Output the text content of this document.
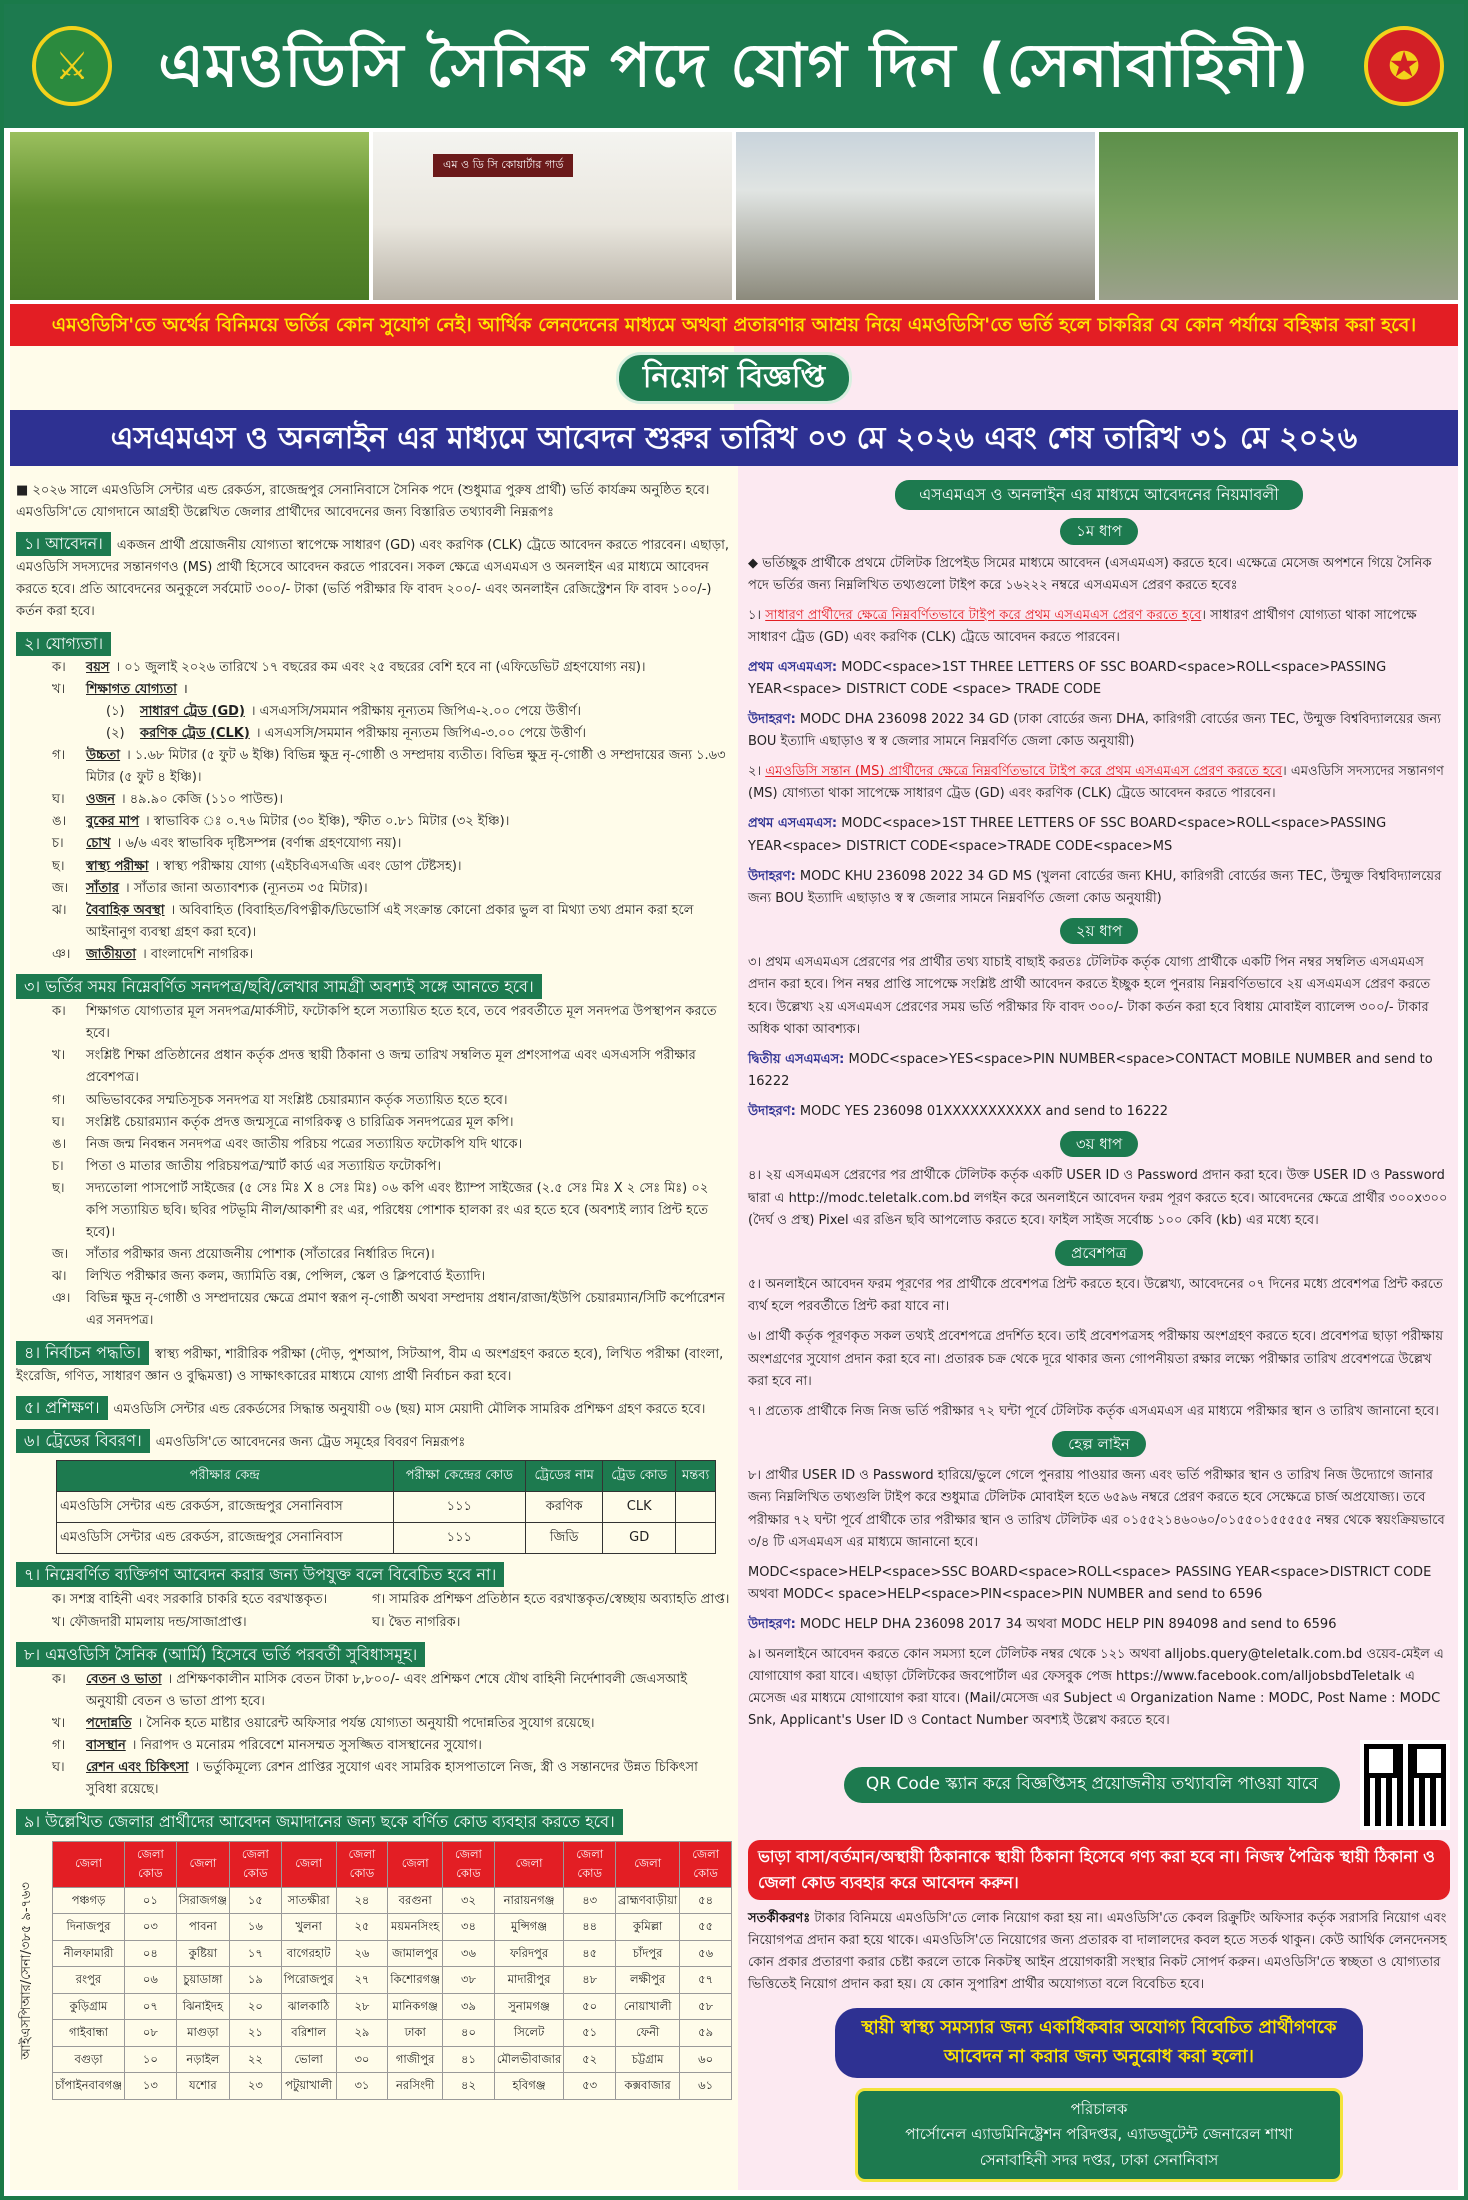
⚔	এমওডিসি সৈনিক পদে যোগ দিন (সেনাবাহিনী)	✪
এম ও ডি সি কোয়ার্টার গার্ড
এমওডিসি'তে অর্থের বিনিময়ে ভর্তির কোন সুযোগ নেই। আর্থিক লেনদেনের মাধ্যমে অথবা প্রতারণার আশ্রয় নিয়ে এমওডিসি'তে ভর্তি হলে চাকরির যে কোন পর্যায়ে বহিষ্কার করা হবে।
নিয়োগ বিজ্ঞপ্তি
এসএমএস ও অনলাইন এর মাধ্যমে আবেদন শুরুর তারিখ ০৩ মে ২০২৬ এবং শেষ তারিখ ৩১ মে ২০২৬
■ ২০২৬ সালে এমওডিসি সেন্টার এন্ড রেকর্ডস, রাজেন্দ্রপুর সেনানিবাসে সৈনিক পদে (শুধুমাত্র পুরুষ প্রার্থী) ভর্তি কার্যক্রম অনুষ্ঠিত হবে। এমওডিসি'তে যোগদানে আগ্রহী উল্লেখিত জেলার প্রার্থীদের আবেদনের জন্য বিস্তারিত তথ্যাবলী নিম্নরূপঃ
১। আবেদন। একজন প্রার্থী প্রয়োজনীয় যোগ্যতা স্বাপেক্ষে সাধারণ (GD) এবং করণিক (CLK) ট্রেডে আবেদন করতে পারবেন। এছাড়া, এমওডিসি সদস্যদের সন্তানগণও (MS) প্রার্থী হিসেবে আবেদন করতে পারবেন। সকল ক্ষেত্রে এসএমএস ও অনলাইন এর মাধ্যমে আবেদন করতে হবে। প্রতি আবেদনের অনুকূলে সর্বমোট ৩০০/- টাকা (ভর্তি পরীক্ষার ফি বাবদ ২০০/- এবং অনলাইন রেজিস্ট্রেশন ফি বাবদ ১০০/-) কর্তন করা হবে।
২। যোগ্যতা।
ক।	বয়স । ০১ জুলাই ২০২৬ তারিখে ১৭ বছরের কম এবং ২৫ বছরের বেশি হবে না (এফিডেভিট গ্রহণযোগ্য নয়)।
খ।	শিক্ষাগত যোগ্যতা ।
(১)	সাধারণ ট্রেড (GD) । এসএসসি/সমমান পরীক্ষায় নূন্যতম জিপিএ-২.০০ পেয়ে উত্তীর্ণ।
(২)	করণিক ট্রেড (CLK) । এসএসসি/সমমান পরীক্ষায় নূন্যতম জিপিএ-৩.০০ পেয়ে উত্তীর্ণ।
গ।	উচ্চতা । ১.৬৮ মিটার (৫ ফুট ৬ ইঞ্চি) বিভিন্ন ক্ষুদ্র নৃ-গোষ্ঠী ও সম্প্রদায় ব্যতীত। বিভিন্ন ক্ষুদ্র নৃ-গোষ্ঠী ও সম্প্রদায়ের জন্য ১.৬৩ মিটার (৫ ফুট ৪ ইঞ্চি)।
ঘ।	ওজন । ৪৯.৯০ কেজি (১১০ পাউন্ড)।
ঙ।	বুকের মাপ । স্বাভাবিক ঃ ০.৭৬ মিটার (৩০ ইঞ্চি), স্ফীত ০.৮১ মিটার (৩২ ইঞ্চি)।
চ।	চোখ । ৬/৬ এবং স্বাভাবিক দৃষ্টিসম্পন্ন (বর্ণান্ধ গ্রহণযোগ্য নয়)।
ছ।	স্বাস্থ্য পরীক্ষা । স্বাস্থ্য পরীক্ষায় যোগ্য (এইচবিএসএজি এবং ডোপ টেষ্টসহ)।
জ।	সাঁতার । সাঁতার জানা অত্যাবশ্যক (ন্যূনতম ৩৫ মিটার)।
ঝ।	বৈবাহিক অবস্থা । অবিবাহিত (বিবাহিত/বিপত্নীক/ডিভোর্সি এই সংক্রান্ত কোনো প্রকার ভুল বা মিথ্যা তথ্য প্রমান করা হলে আইনানুগ ব্যবস্থা গ্রহণ করা হবে)।
ঞ।	জাতীয়তা । বাংলাদেশি নাগরিক।
৩। ভর্তির সময় নিম্নেবর্ণিত সনদপত্র/ছবি/লেখার সামগ্রী অবশ্যই সঙ্গে আনতে হবে।
ক।	শিক্ষাগত যোগ্যতার মূল সনদপত্র/মার্কসীট, ফটোকপি হলে সত্যায়িত হতে হবে, তবে পরবর্তীতে মূল সনদপত্র উপস্থাপন করতে হবে।
খ।	সংশ্লিষ্ট শিক্ষা প্রতিষ্ঠানের প্রধান কর্তৃক প্রদত্ত স্থায়ী ঠিকানা ও জন্ম তারিখ সম্বলিত মূল প্রশংসাপত্র এবং এসএসসি পরীক্ষার প্রবেশপত্র।
গ।	অভিভাবকের সম্মতিসূচক সনদপত্র যা সংশ্লিষ্ট চেয়ারম্যান কর্তৃক সত্যায়িত হতে হবে।
ঘ।	সংশ্লিষ্ট চেয়ারম্যান কর্তৃক প্রদত্ত জন্মসূত্রে নাগরিকত্ব ও চারিত্রিক সনদপত্রের মূল কপি।
ঙ।	নিজ জন্ম নিবন্ধন সনদপত্র এবং জাতীয় পরিচয় পত্রের সত্যায়িত ফটোকপি যদি থাকে।
চ।	পিতা ও মাতার জাতীয় পরিচয়পত্র/স্মার্ট কার্ড এর সত্যায়িত ফটোকপি।
ছ।	সদ্যতোলা পাসপোর্ট সাইজের (৫ সেঃ মিঃ X ৪ সেঃ মিঃ) ০৬ কপি এবং ষ্ট্যাম্প সাইজের (২.৫ সেঃ মিঃ X ২ সেঃ মিঃ) ০২ কপি সত্যায়িত ছবি। ছবির পটভূমি নীল/আকাশী রং এর, পরিধেয় পোশাক হালকা রং এর হতে হবে (অবশ্যই ল্যাব প্রিন্ট হতে হবে)।
জ।	সাঁতার পরীক্ষার জন্য প্রয়োজনীয় পোশাক (সাঁতারের নির্ধারিত দিনে)।
ঝ।	লিখিত পরীক্ষার জন্য কলম, জ্যামিতি বক্স, পেন্সিল, স্কেল ও ক্লিপবোর্ড ইত্যাদি।
ঞ।	বিভিন্ন ক্ষুদ্র নৃ-গোষ্ঠী ও সম্প্রদায়ের ক্ষেত্রে প্রমাণ স্বরূপ নৃ-গোষ্ঠী অথবা সম্প্রদায় প্রধান/রাজা/ইউপি চেয়ারম্যান/সিটি কর্পোরেশন এর সনদপত্র।
৪। নির্বাচন পদ্ধতি। স্বাস্থ্য পরীক্ষা, শারীরিক পরীক্ষা (দৌড়, পুশআপ, সিটআপ, বীম এ অংশগ্রহণ করতে হবে), লিখিত পরীক্ষা (বাংলা, ইংরেজি, গণিত, সাধারণ জ্ঞান ও বুদ্ধিমত্তা) ও সাক্ষাৎকারের মাধ্যমে যোগ্য প্রার্থী নির্বাচন করা হবে।
৫। প্রশিক্ষণ। এমওডিসি সেন্টার এন্ড রেকর্ডসের সিদ্ধান্ত অনুযায়ী ০৬ (ছয়) মাস মেয়াদী মৌলিক সামরিক প্রশিক্ষণ গ্রহণ করতে হবে।
৬। ট্রেডের বিবরণ। এমওডিসি'তে আবেদনের জন্য ট্রেড সমূহের বিবরণ নিম্নরূপঃ
পরীক্ষার কেন্দ্র	পরীক্ষা কেন্দ্রের কোড	ট্রেডের নাম	ট্রেড কোড	মন্তব্য
এমওডিসি সেন্টার এন্ড রেকর্ডস, রাজেন্দ্রপুর সেনানিবাস	১১১	করণিক	CLK	
এমওডিসি সেন্টার এন্ড রেকর্ডস, রাজেন্দ্রপুর সেনানিবাস	১১১	জিডি	GD	
৭। নিম্নেবর্ণিত ব্যক্তিগণ আবেদন করার জন্য উপযুক্ত বলে বিবেচিত হবে না।
ক। সশস্ত্র বাহিনী এবং সরকারি চাকরি হতে বরখাস্তকৃত।	গ। সামরিক প্রশিক্ষণ প্রতিষ্ঠান হতে বরখাস্তকৃত/স্বেচ্ছায় অব্যাহতি প্রাপ্ত।
খ। ফৌজদারী মামলায় দন্ড/সাজাপ্রাপ্ত।	ঘ। দ্বৈত নাগরিক।
৮। এমওডিসি সৈনিক (আর্মি) হিসেবে ভর্তি পরবর্তী সুবিধাসমূহ।
ক।	বেতন ও ভাতা । প্রশিক্ষণকালীন মাসিক বেতন টাকা ৮,৮০০/- এবং প্রশিক্ষণ শেষে যৌথ বাহিনী নির্দেশাবলী জেএসআই অনুযায়ী বেতন ও ভাতা প্রাপ্য হবে।
খ।	পদোন্নতি । সৈনিক হতে মাষ্টার ওয়ারেন্ট অফিসার পর্যন্ত যোগ্যতা অনুযায়ী পদোন্নতির সুযোগ রয়েছে।
গ।	বাসস্থান । নিরাপদ ও মনোরম পরিবেশে মানসম্মত সুসজ্জিত বাসস্থানের সুযোগ।
ঘ।	রেশন এবং চিকিৎসা । ভর্তুকিমূল্যে রেশন প্রাপ্তির সুযোগ এবং সামরিক হাসপাতালে নিজ, স্ত্রী ও সন্তানদের উন্নত চিকিৎসা সুবিধা রয়েছে।
৯। উল্লেখিত জেলার প্রার্থীদের আবেদন জমাদানের জন্য ছকে বর্ণিত কোড ব্যবহার করতে হবে।
আইএসপিআর/সেনা/৩৮৫ ৯-৭৬৩
জেলা	জেলা কোড	জেলা	জেলা কোড	জেলা	জেলা কোড	জেলা	জেলা কোড	জেলা	জেলা কোড	জেলা	জেলা কোড
পঞ্চগড়	০১	সিরাজগঞ্জ	১৫	সাতক্ষীরা	২৪	বরগুনা	৩২	নারায়নগঞ্জ	৪৩	ব্রাহ্মণবাড়ীয়া	৫৪
দিনাজপুর	০৩	পাবনা	১৬	খুলনা	২৫	ময়মনসিংহ	৩৪	মুন্সিগঞ্জ	৪৪	কুমিল্লা	৫৫
নীলফামারী	০৪	কুষ্টিয়া	১৭	বাগেরহাট	২৬	জামালপুর	৩৬	ফরিদপুর	৪৫	চাঁদপুর	৫৬
রংপুর	০৬	চুয়াডাঙ্গা	১৯	পিরোজপুর	২৭	কিশোরগঞ্জ	৩৮	মাদারীপুর	৪৮	লক্ষীপুর	৫৭
কুড়িগ্রাম	০৭	ঝিনাইদহ	২০	ঝালকাঠি	২৮	মানিকগঞ্জ	৩৯	সুনামগঞ্জ	৫০	নোয়াখালী	৫৮
গাইবান্ধা	০৮	মাগুড়া	২১	বরিশাল	২৯	ঢাকা	৪০	সিলেট	৫১	ফেনী	৫৯
বগুড়া	১০	নড়াইল	২২	ভোলা	৩০	গাজীপুর	৪১	মৌলভীবাজার	৫২	চট্টগ্রাম	৬০
চাঁপাইনবাবগঞ্জ	১৩	যশোর	২৩	পটুয়াখালী	৩১	নরসিংদী	৪২	হবিগঞ্জ	৫৩	কক্সবাজার	৬১
এসএমএস ও অনলাইন এর মাধ্যমে আবেদনের নিয়মাবলী
১ম ধাপ
◆ ভর্তিচ্ছুক প্রার্থীকে প্রথমে টেলিটক প্রিপেইড সিমের মাধ্যমে আবেদন (এসএমএস) করতে হবে। এক্ষেত্রে মেসেজ অপশনে গিয়ে সৈনিক পদে ভর্তির জন্য নিম্নলিখিত তথ্যগুলো টাইপ করে ১৬২২২ নম্বরে এসএমএস প্রেরণ করতে হবেঃ
১। সাধারণ প্রার্থীদের ক্ষেত্রে নিম্নবর্ণিতভাবে টাইপ করে প্রথম এসএমএস প্রেরণ করতে হবে। সাধারণ প্রার্থীগণ যোগ্যতা থাকা সাপেক্ষে সাধারণ ট্রেড (GD) এবং করণিক (CLK) ট্রেডে আবেদন করতে পারবেন।
প্রথম এসএমএস: MODC<space>1ST THREE LETTERS OF SSC BOARD<space>ROLL<space>PASSING YEAR<space> DISTRICT CODE <space> TRADE CODE
উদাহরণ: MODC DHA 236098 2022 34 GD (ঢাকা বোর্ডের জন্য DHA, কারিগরী বোর্ডের জন্য TEC, উন্মুক্ত বিশ্ববিদ্যালয়ের জন্য BOU ইত্যাদি এছাড়াও স্ব স্ব জেলার সামনে নিম্নবর্ণিত জেলা কোড অনুযায়ী)
২। এমওডিসি সন্তান (MS) প্রার্থীদের ক্ষেত্রে নিম্নবর্ণিতভাবে টাইপ করে প্রথম এসএমএস প্রেরণ করতে হবে। এমওডিসি সদস্যদের সন্তানগণ (MS) যোগ্যতা থাকা সাপেক্ষে সাধারণ ট্রেড (GD) এবং করণিক (CLK) ট্রেডে আবেদন করতে পারবেন।
প্রথম এসএমএস: MODC<space>1ST THREE LETTERS OF SSC BOARD<space>ROLL<space>PASSING YEAR<space> DISTRICT CODE<space>TRADE CODE<space>MS
উদাহরণ: MODC KHU 236098 2022 34 GD MS (খুলনা বোর্ডের জন্য KHU, কারিগরী বোর্ডের জন্য TEC, উন্মুক্ত বিশ্ববিদ্যালয়ের জন্য BOU ইত্যাদি এছাড়াও স্ব স্ব জেলার সামনে নিম্নবর্ণিত জেলা কোড অনুযায়ী)
২য় ধাপ
৩। প্রথম এসএমএস প্রেরণের পর প্রার্থীর তথ্য যাচাই বাছাই করতঃ টেলিটক কর্তৃক যোগ্য প্রার্থীকে একটি পিন নম্বর সম্বলিত এসএমএস প্রদান করা হবে। পিন নম্বর প্রাপ্তি সাপেক্ষে সংশ্লিষ্ট প্রার্থী আবেদন করতে ইচ্ছুক হলে পুনরায় নিম্নবর্ণিতভাবে ২য় এসএমএস প্রেরণ করতে হবে। উল্লেখ্য ২য় এসএমএস প্রেরণের সময় ভর্তি পরীক্ষার ফি বাবদ ৩০০/- টাকা কর্তন করা হবে বিধায় মোবাইল ব্যালেন্স ৩০০/- টাকার অধিক থাকা আবশ্যক।
দ্বিতীয় এসএমএস: MODC<space>YES<space>PIN NUMBER<space>CONTACT MOBILE NUMBER and send to 16222
উদাহরণ: MODC YES 236098 01XXXXXXXXXXX and send to 16222
৩য় ধাপ
৪। ২য় এসএমএস প্রেরণের পর প্রার্থীকে টেলিটক কর্তৃক একটি USER ID ও Password প্রদান করা হবে। উক্ত USER ID ও Password দ্বারা এ http://modc.teletalk.com.bd লগইন করে অনলাইনে আবেদন ফরম পূরণ করতে হবে। আবেদনের ক্ষেত্রে প্রার্থীর ৩০০x৩০০ (দৈর্ঘ ও প্রস্থ) Pixel এর রঙিন ছবি আপলোড করতে হবে। ফাইল সাইজ সর্বোচ্চ ১০০ কেবি (kb) এর মধ্যে হবে।
প্রবেশপত্র
৫। অনলাইনে আবেদন ফরম পূরণের পর প্রার্থীকে প্রবেশপত্র প্রিন্ট করতে হবে। উল্লেখ্য, আবেদনের ০৭ দিনের মধ্যে প্রবেশপত্র প্রিন্ট করতে ব্যর্থ হলে পরবর্তীতে প্রিন্ট করা যাবে না।
৬। প্রার্থী কর্তৃক পূরণকৃত সকল তথ্যই প্রবেশপত্রে প্রদর্শিত হবে। তাই প্রবেশপত্রসহ পরীক্ষায় অংশগ্রহণ করতে হবে। প্রবেশপত্র ছাড়া পরীক্ষায় অংশগ্রণের সুযোগ প্রদান করা হবে না। প্রতারক চক্র থেকে দূরে থাকার জন্য গোপনীয়তা রক্ষার লক্ষ্যে পরীক্ষার তারিখ প্রবেশপত্রে উল্লেখ করা হবে না।
৭। প্রত্যেক প্রার্থীকে নিজ নিজ ভর্তি পরীক্ষার ৭২ ঘন্টা পূর্বে টেলিটক কর্তৃক এসএমএস এর মাধ্যমে পরীক্ষার স্থান ও তারিখ জানানো হবে।
হেল্প লাইন
৮। প্রার্থীর USER ID ও Password হারিয়ে/ভুলে গেলে পুনরায় পাওয়ার জন্য এবং ভর্তি পরীক্ষার স্থান ও তারিখ নিজ উদ্যোগে জানার জন্য নিম্নলিখিত তথ্যগুলি টাইপ করে শুধুমাত্র টেলিটক মোবাইল হতে ৬৫৯৬ নম্বরে প্রেরণ করতে হবে সেক্ষেত্রে চার্জ অপ্রযোজ্য। তবে পরীক্ষার ৭২ ঘন্টা পূর্বে প্রার্থীকে তার পরীক্ষার স্থান ও তারিখ টেলিটক এর ০১৫৫২১৪৬০৬০/০১৫৫০১৫৫৫৫৫ নম্বর থেকে স্বয়ংক্রিয়ভাবে ৩/৪ টি এসএমএস এর মাধ্যমে জানানো হবে।
MODC<space>HELP<space>SSC BOARD<space>ROLL<space> PASSING YEAR<space>DISTRICT CODE অথবা MODC< space>HELP<space>PIN<space>PIN NUMBER and send to 6596
উদাহরণ: MODC HELP DHA 236098 2017 34 অথবা MODC HELP PIN 894098 and send to 6596
৯। অনলাইনে আবেদন করতে কোন সমস্যা হলে টেলিটক নম্বর থেকে ১২১ অথবা alljobs.query@teletalk.com.bd ওয়েব-মেইল এ যোগাযোগ করা যাবে। এছাড়া টেলিটকের জবপোর্টাল এর ফেসবুক পেজ https://www.facebook.com/alljobsbdTeletalk এ মেসেজ এর মাধ্যমে যোগাযোগ করা যাবে। (Mail/মেসেজ এর Subject এ Organization Name : MODC, Post Name : MODC Snk, Applicant's User ID ও Contact Number অবশ্যই উল্লেখ করতে হবে।
QR Code স্ক্যান করে বিজ্ঞপ্তিসহ প্রয়োজনীয় তথ্যাবলি পাওয়া যাবে
ভাড়া বাসা/বর্তমান/অস্থায়ী ঠিকানাকে স্থায়ী ঠিকানা হিসেবে গণ্য করা হবে না। নিজস্ব পৈত্রিক স্থায়ী ঠিকানা ও জেলা কোড ব্যবহার করে আবেদন করুন।
সতর্কীকরণঃ টাকার বিনিময়ে এমওডিসি'তে লোক নিয়োগ করা হয় না। এমওডিসি'তে কেবল রিক্রুটিং অফিসার কর্তৃক সরাসরি নিয়োগ এবং নিয়োগপত্র প্রদান করা হয়ে থাকে। এমওডিসি'তে নিয়োগের জন্য প্রতারক বা দালালদের কবল হতে সতর্ক থাকুন। কেউ আর্থিক লেনদেনসহ কোন প্রকার প্রতারণা করার চেষ্টা করলে তাকে নিকটস্থ আইন প্রয়োগকারী সংস্থার নিকট সোপর্দ করুন। এমওডিসি'তে স্বচ্ছতা ও যোগ্যতার ভিত্তিতেই নিয়োগ প্রদান করা হয়। যে কোন সুপারিশ প্রার্থীর অযোগ্যতা বলে বিবেচিত হবে।
স্থায়ী স্বাস্থ্য সমস্যার জন্য একাধিকবার অযোগ্য বিবেচিত প্রার্থীগণকে আবেদন না করার জন্য অনুরোধ করা হলো।
পরিচালক
পার্সোনেল এ্যাডমিনিষ্ট্রেশন পরিদপ্তর, এ্যাডজুটেন্ট জেনারেল শাখা
সেনাবাহিনী সদর দপ্তর, ঢাকা সেনানিবাস
